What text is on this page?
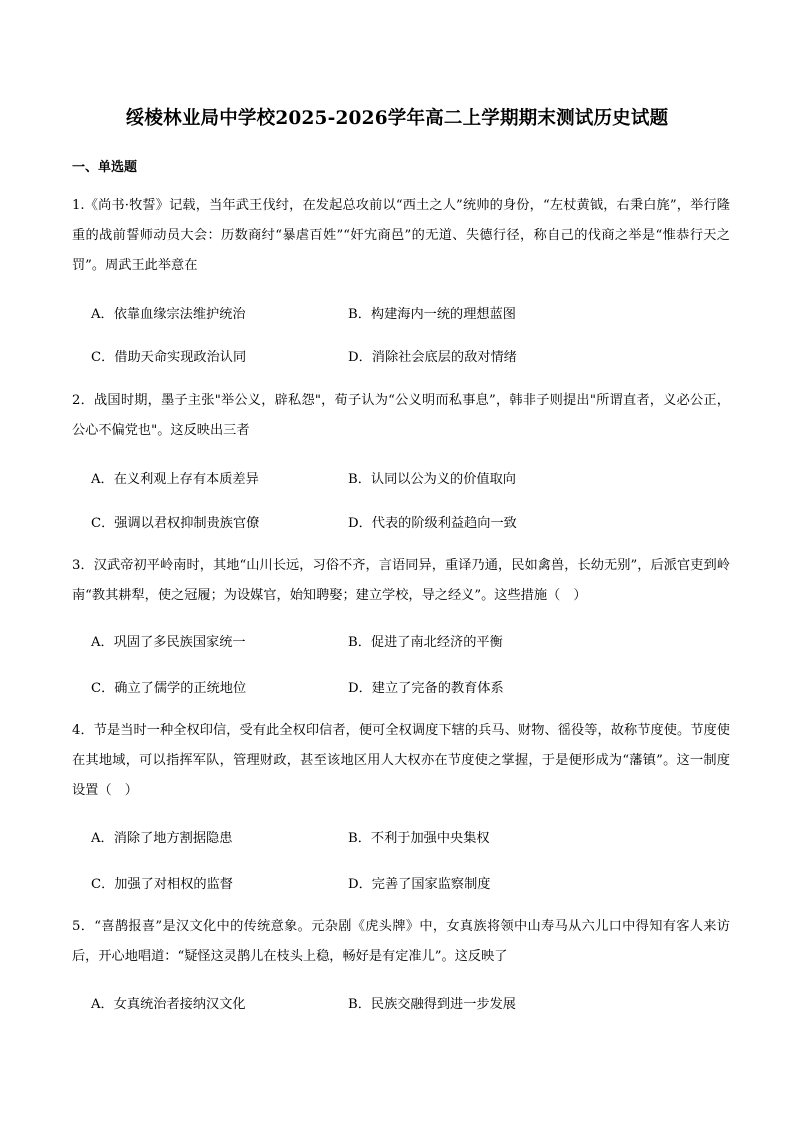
绥棱林业局中学校2025-2026学年高二上学期期末测试历史试题
一、单选题
1.《尚书·牧誓》记载，当年武王伐纣，在发起总攻前以“西土之人”统帅的身份，“左杖黄钺，右秉白旄”，举行隆重的战前誓师动员大会：历数商纣“暴虐百姓”“奸宄商邑”的无道、失德行径，称自己的伐商之举是“惟恭行天之罚”。周武王此举意在
A．依靠血缘宗法维护统治	B．构建海内一统的理想蓝图
C．借助天命实现政治认同	D．消除社会底层的敌对情绪
2．战国时期，墨子主张"举公义，辟私怨"，荀子认为“公义明而私事息”，韩非子则提出"所谓直者，义必公正，公心不偏党也"。这反映出三者
A．在义利观上存有本质差异	B．认同以公为义的价值取向
C．强调以君权抑制贵族官僚	D．代表的阶级利益趋向一致
3．汉武帝初平岭南时，其地“山川长远，习俗不齐，言语同异，重译乃通，民如禽兽，长幼无别”，后派官吏到岭南“教其耕犁，使之冠履；为设媒官，始知聘娶；建立学校，导之经义”。这些措施（　）
A．巩固了多民族国家统一	B．促进了南北经济的平衡
C．确立了儒学的正统地位	D．建立了完备的教育体系
4．节是当时一种全权印信，受有此全权印信者，便可全权调度下辖的兵马、财物、徭役等，故称节度使。节度使在其地域，可以指挥军队，管理财政，甚至该地区用人大权亦在节度使之掌握，于是便形成为“藩镇”。这一制度设置（　）
A．消除了地方割据隐患	B．不利于加强中央集权
C．加强了对相权的监督	D．完善了国家监察制度
5．“喜鹊报喜”是汉文化中的传统意象。元杂剧《虎头牌》中，女真族将领中山寿马从六儿口中得知有客人来访后，开心地唱道：“疑怪这灵鹊儿在枝头上稳，畅好是有定准儿”。这反映了
A．女真统治者接纳汉文化	B．民族交融得到进一步发展
